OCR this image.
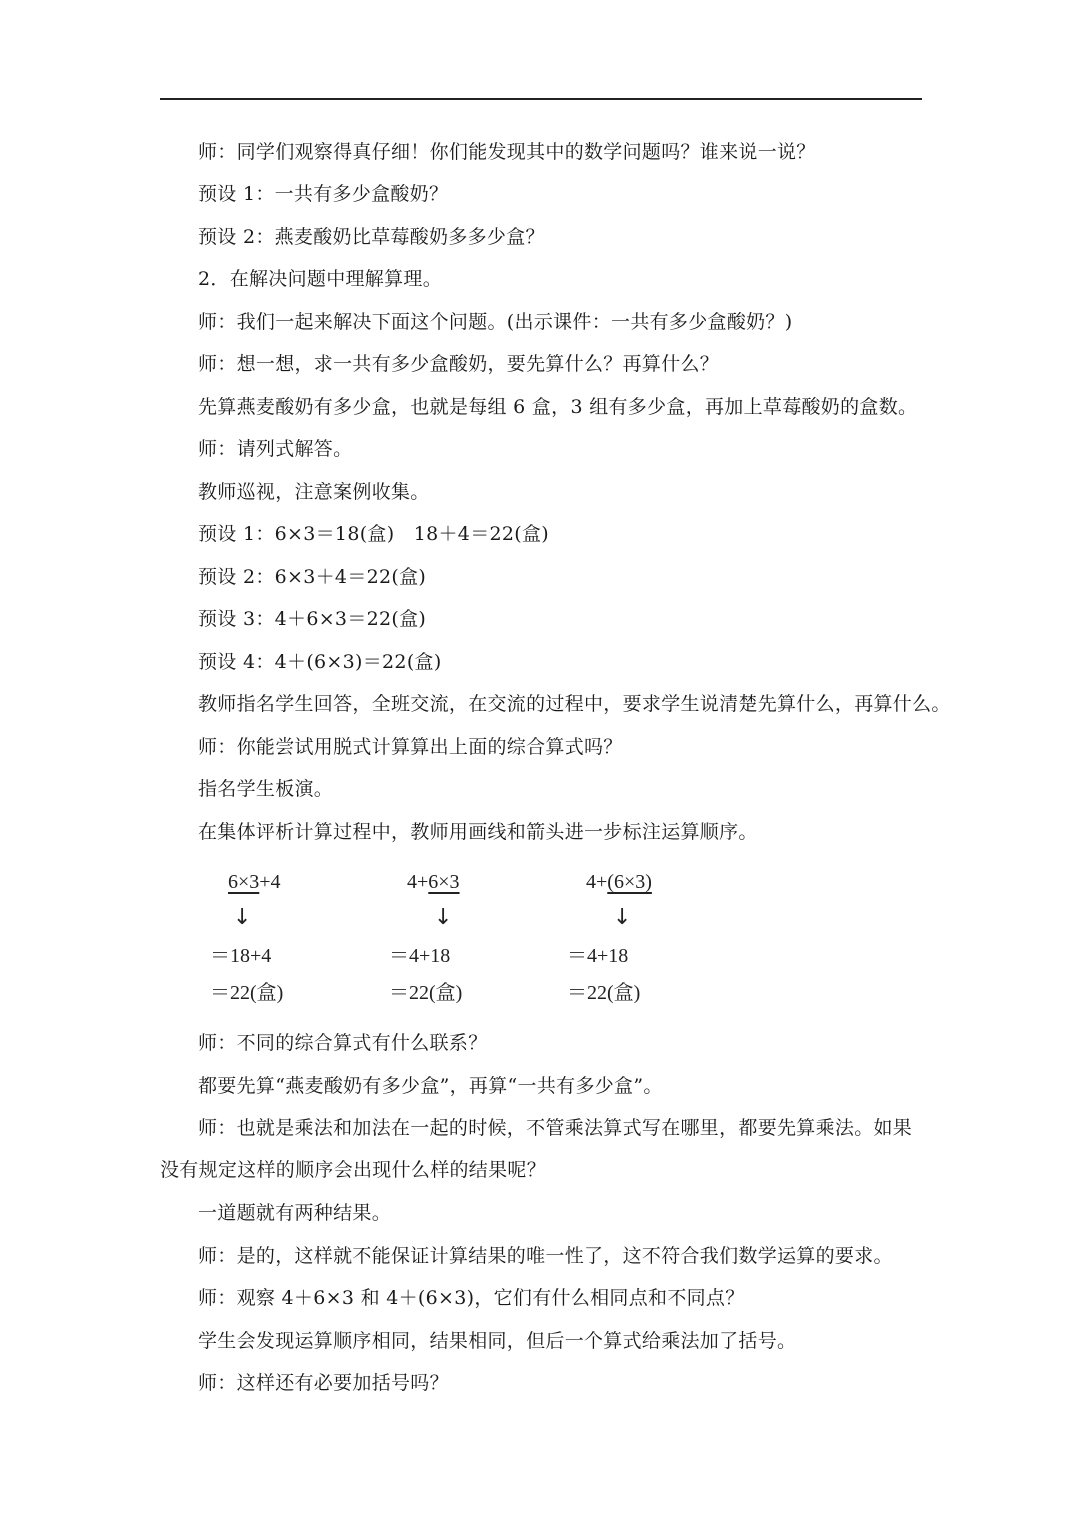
师：同学们观察得真仔细！你们能发现其中的数学问题吗？谁来说一说？
预设 1：一共有多少盒酸奶？
预设 2：燕麦酸奶比草莓酸奶多多少盒？
2．在解决问题中理解算理。
师：我们一起来解决下面这个问题。(出示课件：一共有多少盒酸奶？)
师：想一想，求一共有多少盒酸奶，要先算什么？再算什么？
先算燕麦酸奶有多少盒，也就是每组 6 盒，3 组有多少盒，再加上草莓酸奶的盒数。
师：请列式解答。
教师巡视，注意案例收集。
预设 1：6×3＝18(盒)　18＋4＝22(盒)
预设 2：6×3＋4＝22(盒)
预设 3：4＋6×3＝22(盒)
预设 4：4＋(6×3)＝22(盒)
教师指名学生回答，全班交流，在交流的过程中，要求学生说清楚先算什么，再算什么。
师：你能尝试用脱式计算算出上面的综合算式吗？
指名学生板演。
在集体评析计算过程中，教师用画线和箭头进一步标注运算顺序。
6×3+4
↓
＝18+4
＝22(盒)
4+6×3
↓
＝4+18
＝22(盒)
4+(6×3)
↓
＝4+18
＝22(盒)
师：不同的综合算式有什么联系？
都要先算“燕麦酸奶有多少盒”，再算“一共有多少盒”。
师：也就是乘法和加法在一起的时候，不管乘法算式写在哪里，都要先算乘法。如果没有规定这样的顺序会出现什么样的结果呢？
一道题就有两种结果。
师：是的，这样就不能保证计算结果的唯一性了，这不符合我们数学运算的要求。
师：观察 4＋6×3 和 4＋(6×3)，它们有什么相同点和不同点？
学生会发现运算顺序相同，结果相同，但后一个算式给乘法加了括号。
师：这样还有必要加括号吗？
